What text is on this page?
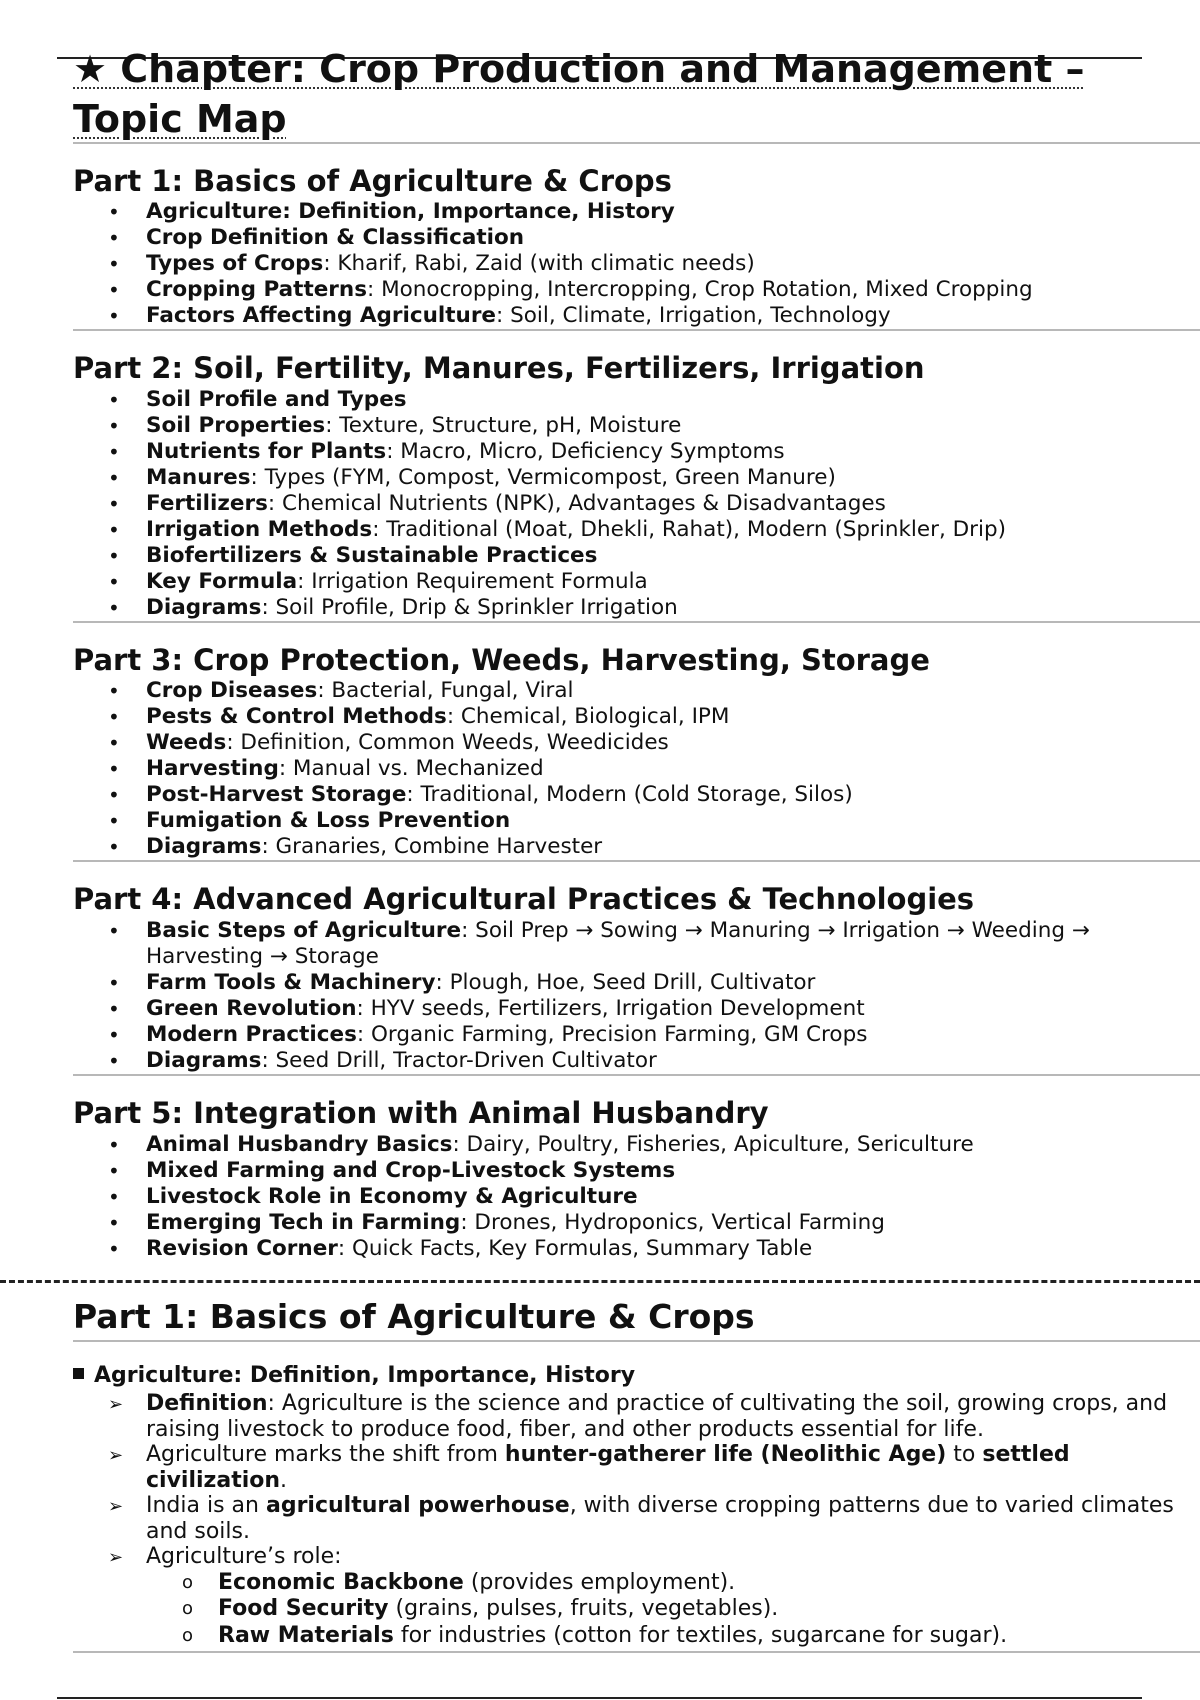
★ Chapter: Crop Production and Management – Topic Map
Part 1: Basics of Agriculture & Crops
• Agriculture: Definition, Importance, History
• Crop Definition & Classification
• Types of Crops: Kharif, Rabi, Zaid (with climatic needs)
• Cropping Patterns: Monocropping, Intercropping, Crop Rotation, Mixed Cropping
• Factors Affecting Agriculture: Soil, Climate, Irrigation, Technology
Part 2: Soil, Fertility, Manures, Fertilizers, Irrigation
• Soil Profile and Types
• Soil Properties: Texture, Structure, pH, Moisture
• Nutrients for Plants: Macro, Micro, Deficiency Symptoms
• Manures: Types (FYM, Compost, Vermicompost, Green Manure)
• Fertilizers: Chemical Nutrients (NPK), Advantages & Disadvantages
• Irrigation Methods: Traditional (Moat, Dhekli, Rahat), Modern (Sprinkler, Drip)
• Biofertilizers & Sustainable Practices
• Key Formula: Irrigation Requirement Formula
• Diagrams: Soil Profile, Drip & Sprinkler Irrigation
Part 3: Crop Protection, Weeds, Harvesting, Storage
• Crop Diseases: Bacterial, Fungal, Viral
• Pests & Control Methods: Chemical, Biological, IPM
• Weeds: Definition, Common Weeds, Weedicides
• Harvesting: Manual vs. Mechanized
• Post-Harvest Storage: Traditional, Modern (Cold Storage, Silos)
• Fumigation & Loss Prevention
• Diagrams: Granaries, Combine Harvester
Part 4: Advanced Agricultural Practices & Technologies
• Basic Steps of Agriculture: Soil Prep → Sowing → Manuring → Irrigation → Weeding → Harvesting → Storage
• Farm Tools & Machinery: Plough, Hoe, Seed Drill, Cultivator
• Green Revolution: HYV seeds, Fertilizers, Irrigation Development
• Modern Practices: Organic Farming, Precision Farming, GM Crops
• Diagrams: Seed Drill, Tractor-Driven Cultivator
Part 5: Integration with Animal Husbandry
• Animal Husbandry Basics: Dairy, Poultry, Fisheries, Apiculture, Sericulture
• Mixed Farming and Crop-Livestock Systems
• Livestock Role in Economy & Agriculture
• Emerging Tech in Farming: Drones, Hydroponics, Vertical Farming
• Revision Corner: Quick Facts, Key Formulas, Summary Table
Part 1: Basics of Agriculture & Crops
Agriculture: Definition, Importance, History
➢ Definition: Agriculture is the science and practice of cultivating the soil, growing crops, and raising livestock to produce food, fiber, and other products essential for life.
➢ Agriculture marks the shift from hunter-gatherer life (Neolithic Age) to settled civilization.
➢ India is an agricultural powerhouse, with diverse cropping patterns due to varied climates and soils.
➢ Agriculture’s role:
o Economic Backbone (provides employment).
o Food Security (grains, pulses, fruits, vegetables).
o Raw Materials for industries (cotton for textiles, sugarcane for sugar).
